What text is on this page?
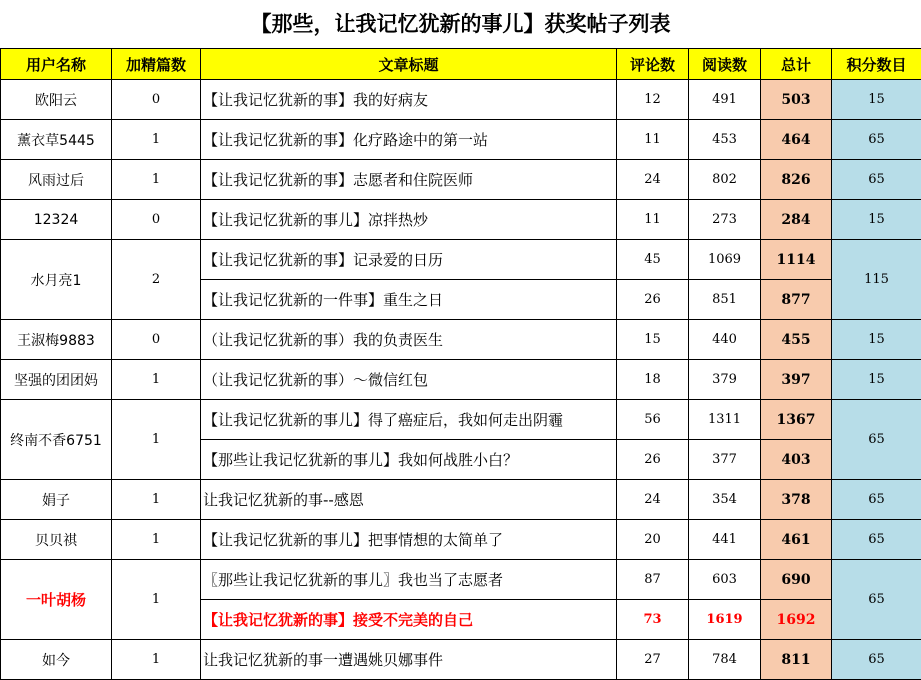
【那些，让我记忆犹新的事儿】获奖帖子列表
用户名称	加精篇数	文章标题	评论数	阅读数	总计	积分数目
欧阳云	0	【让我记忆犹新的事】我的好病友	12	491	503	15
薰衣草5445	1	【让我记忆犹新的事】化疗路途中的第一站	11	453	464	65
风雨过后	1	【让我记忆犹新的事】志愿者和住院医师	24	802	826	65
12324	0	【让我记忆犹新的事儿】凉拌热炒	11	273	284	15
水月亮1	2	【让我记忆犹新的事】记录爱的日历	45	1069	1114	115
		【让我记忆犹新的一件事】重生之日	26	851	877	
王淑梅9883	0	（让我记忆犹新的事）我的负责医生	15	440	455	15
坚强的团团妈	1	（让我记忆犹新的事）～微信红包	18	379	397	15
终南不香6751	1	【让我记忆犹新的事儿】得了癌症后，我如何走出阴霾	56	1311	1367	65
		【那些让我记忆犹新的事儿】我如何战胜小白？	26	377	403	
娟子	1	让我记忆犹新的事--感恩	24	354	378	65
贝贝祺	1	【让我记忆犹新的事儿】把事情想的太简单了	20	441	461	65
一叶胡杨	1	〖那些让我记忆犹新的事儿〗我也当了志愿者	87	603	690	65
		【让我记忆犹新的事】接受不完美的自己	73	1619	1692	
如今	1	让我记忆犹新的事一遭遇姚贝娜事件	27	784	811	65
